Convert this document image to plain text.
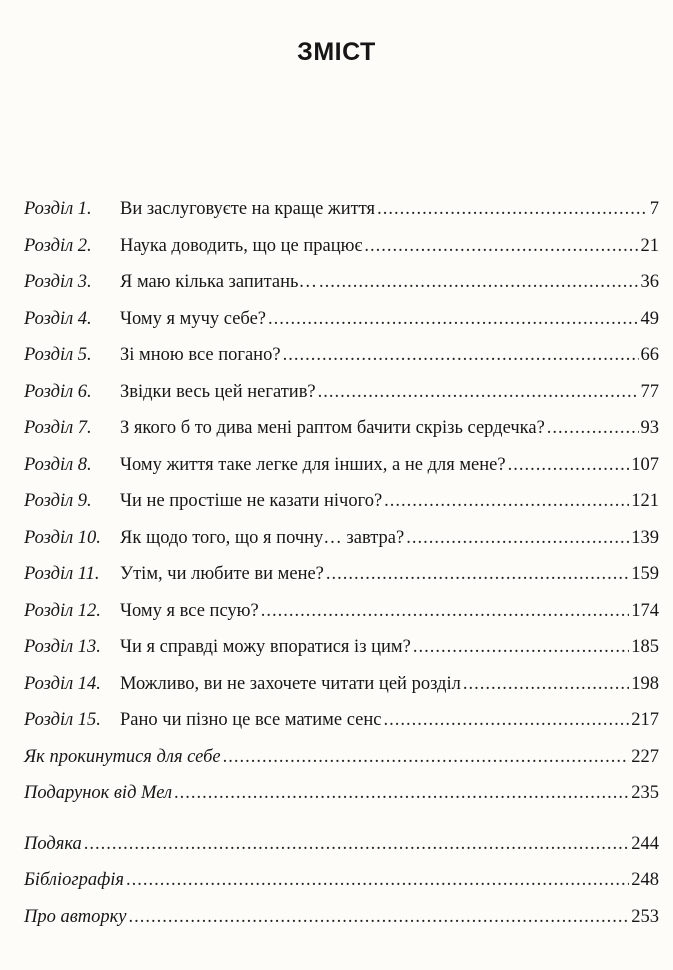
ЗМІСТ
Розділ 1.	Ви заслуговуєте на краще життя .....	7
Розділ 2.	Наука доводить, що це працює .....	21
Розділ 3.	Я маю кілька запитань… .....	36
Розділ 4.	Чому я мучу себе? .....	49
Розділ 5.	Зі мною все погано? .....	66
Розділ 6.	Звідки весь цей негатив? .....	77
Розділ 7.	З якого б то дива мені раптом бачити скрізь сердечка? .....	93
Розділ 8.	Чому життя таке легке для інших, а не для мене? .....	107
Розділ 9.	Чи не простіше не казати нічого? .....	121
Розділ 10.	Як щодо того, що я почну… завтра? .....	139
Розділ 11.	Утім, чи любите ви мене? .....	159
Розділ 12.	Чому я все псую? .....	174
Розділ 13.	Чи я справді можу впоратися із цим? .....	185
Розділ 14.	Можливо, ви не захочете читати цей розділ .....	198
Розділ 15.	Рано чи пізно це все матиме сенс .....	217
Як прокинутися для себе .....	227
Подарунок від Мел .....	235
Подяка .....	244
Бібліографія .....	248
Про авторку .....	253
